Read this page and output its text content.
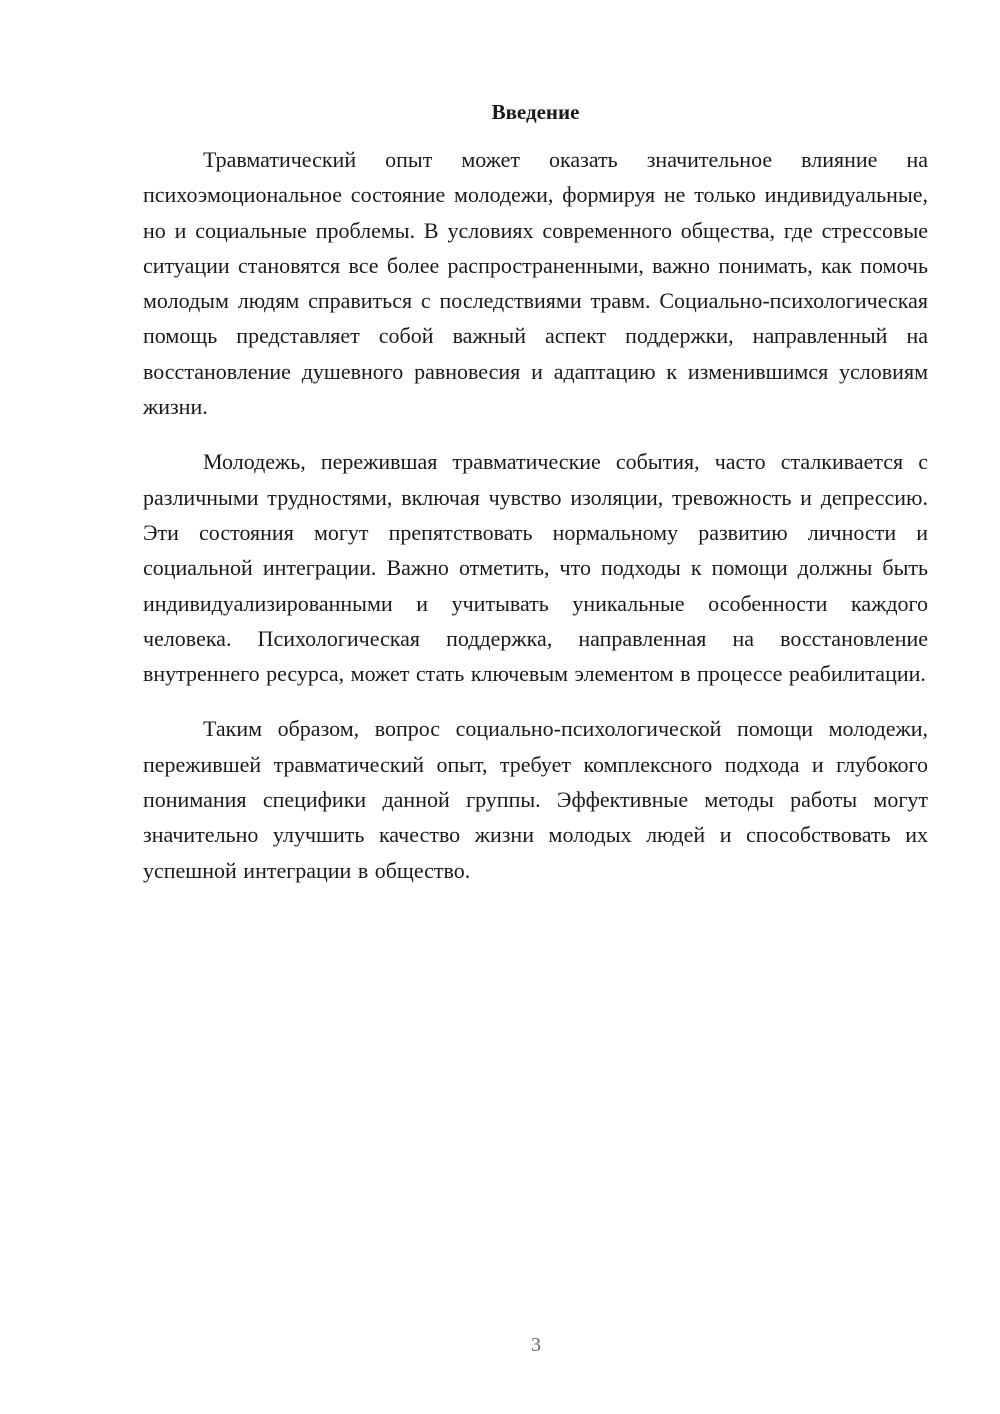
Введение

Травматический опыт может оказать значительное влияние на психоэмоциональное состояние молодежи, формируя не только индивидуальные, но и социальные проблемы. В условиях современного общества, где стрессовые ситуации становятся все более распространенными, важно понимать, как помочь молодым людям справиться с последствиями травм. Социально-психологическая помощь представляет собой важный аспект поддержки, направленный на восстановление душевного равновесия и адаптацию к изменившимся условиям жизни.

Молодежь, пережившая травматические события, часто сталкивается с различными трудностями, включая чувство изоляции, тревожность и депрессию. Эти состояния могут препятствовать нормальному развитию личности и социальной интеграции. Важно отметить, что подходы к помощи должны быть индивидуализированными и учитывать уникальные особенности каждого человека. Психологическая поддержка, направленная на восстановление внутреннего ресурса, может стать ключевым элементом в процессе реабилитации.

Таким образом, вопрос социально-психологической помощи молодежи, пережившей травматический опыт, требует комплексного подхода и глубокого понимания специфики данной группы. Эффективные методы работы могут значительно улучшить качество жизни молодых людей и способствовать их успешной интеграции в общество.

3
